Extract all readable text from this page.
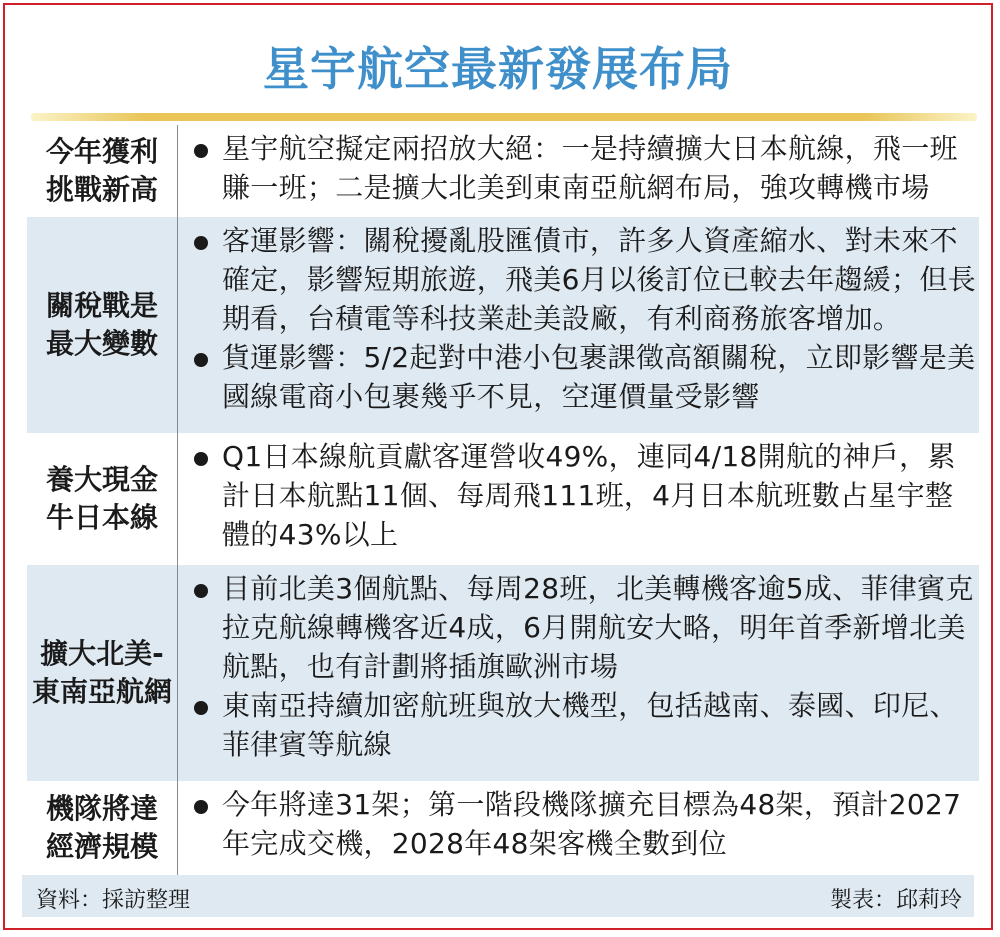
星宇航空最新發展布局
今年獲利
挑戰新高
星宇航空擬定兩招放大絕：一是持續擴大日本航線，飛一班賺一班；二是擴大北美到東南亞航網布局，強攻轉機市場
關稅戰是
最大變數
客運影響：關稅擾亂股匯債市，許多人資產縮水、對未來不確定，影響短期旅遊，飛美6月以後訂位已較去年趨緩；但長期看，台積電等科技業赴美設廠，有利商務旅客增加。
貨運影響：5/2起對中港小包裹課徵高額關稅，立即影響是美國線電商小包裹幾乎不見，空運價量受影響
養大現金
牛日本線
Q1日本線航貢獻客運營收49%，連同4/18開航的神戶，累計日本航點11個、每周飛111班，4月日本航班數占星宇整體的43%以上
擴大北美-
東南亞航網
目前北美3個航點、每周28班，北美轉機客逾5成、菲律賓克拉克航線轉機客近4成，6月開航安大略，明年首季新增北美航點，也有計劃將插旗歐洲市場
東南亞持續加密航班與放大機型，包括越南、泰國、印尼、菲律賓等航線
機隊將達
經濟規模
今年將達31架；第一階段機隊擴充目標為48架，預計2027年完成交機，2028年48架客機全數到位
資料：採訪整理	製表：邱莉玲
